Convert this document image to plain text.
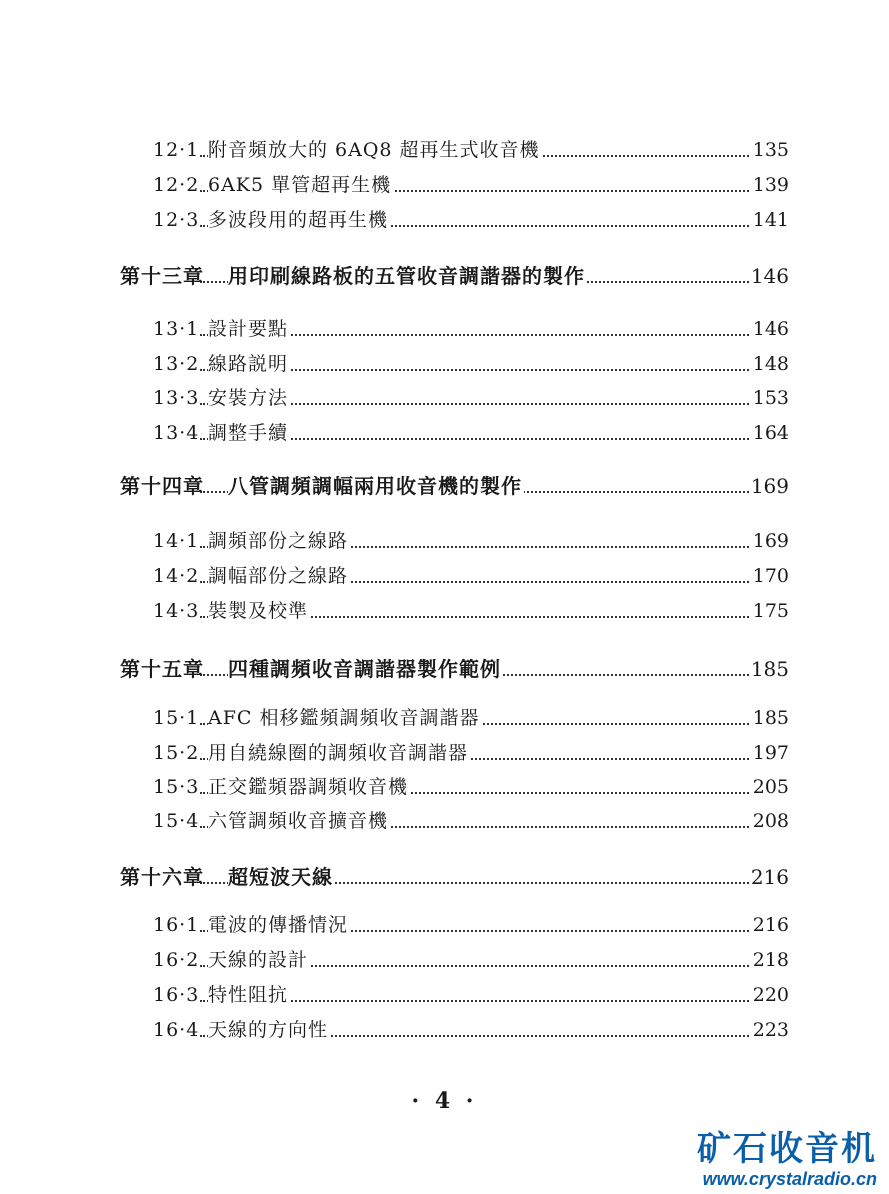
12·1 附音頻放大的 6AQ8 超再生式收音機	135
12·2 6AK5 單管超再生機	139
12·3 多波段用的超再生機	141
第十三章 用印刷線路板的五管收音調諧器的製作	146
13·1 設計要點	146
13·2 線路説明	148
13·3 安裝方法	153
13·4 調整手續	164
第十四章 八管調頻調幅兩用收音機的製作	169
14·1 調頻部份之線路	169
14·2 調幅部份之線路	170
14·3 裝製及校準	175
第十五章 四種調頻收音調諧器製作範例	185
15·1 AFC 相移鑑頻調頻收音調諧器	185
15·2 用自繞線圈的調頻收音調諧器	197
15·3 正交鑑頻器調頻收音機	205
15·4 六管調頻收音擴音機	208
第十六章 超短波天線	216
16·1 電波的傳播情況	216
16·2 天線的設計	218
16·3 特性阻抗	220
16·4 天線的方向性	223
· 4 ·
矿石收音机
www.crystalradio.cn
